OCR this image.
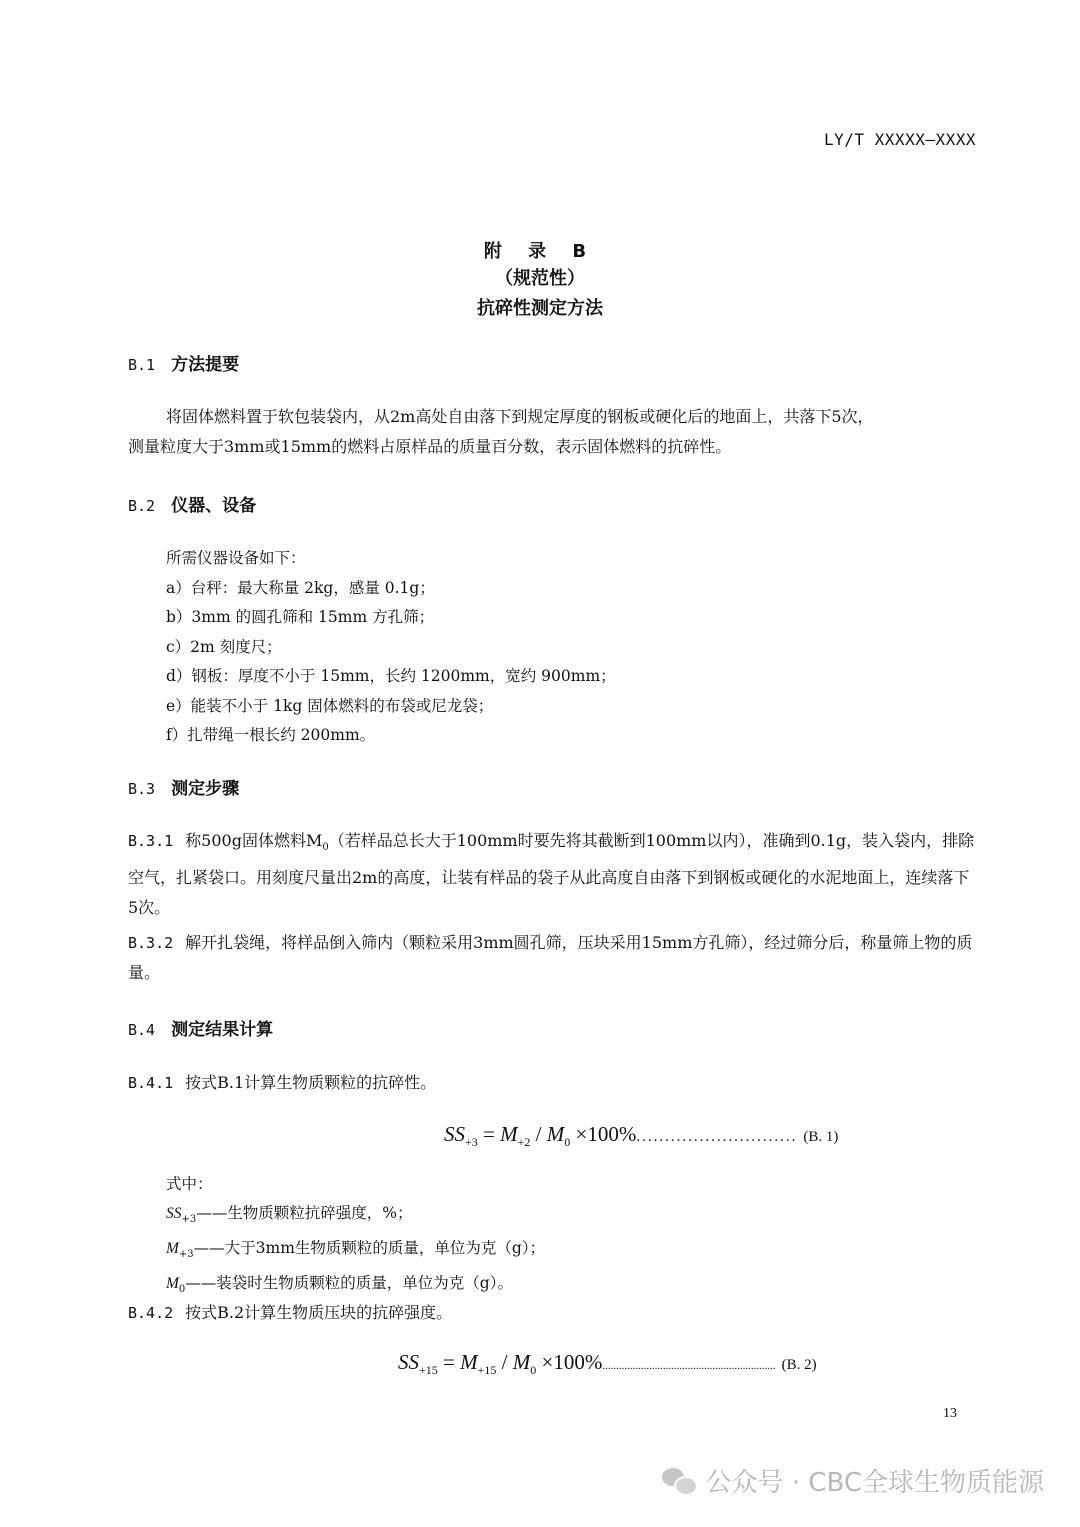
LY/T XXXXX—XXXX
附 录 B
（规范性）
抗碎性测定方法
B.1 方法提要
将固体燃料置于软包装袋内，从2m高处自由落下到规定厚度的钢板或硬化后的地面上，共落下5次，
测量粒度大于3mm或15mm的燃料占原样品的质量百分数，表示固体燃料的抗碎性。
B.2 仪器、设备
所需仪器设备如下：
a）台秤：最大称量 2kg，感量 0.1g；
b）3mm 的圆孔筛和 15mm 方孔筛；
c）2m 刻度尺；
d）钢板：厚度不小于 15mm，长约 1200mm，宽约 900mm；
e）能装不小于 1kg 固体燃料的布袋或尼龙袋；
f）扎带绳一根长约 200mm。
B.3 测定步骤
B.3.1 称500g固体燃料$M_0$（若样品总长大于100mm时要先将其截断到100mm以内），准确到0.1g，装入袋内，排除空气，扎紧袋口。用刻度尺量出2m的高度，让装有样品的袋子从此高度自由落下到钢板或硬化的水泥地面上，连续落下5次。
B.3.2 解开扎袋绳，将样品倒入筛内（颗粒采用3mm圆孔筛，压块采用15mm方孔筛），经过筛分后，称量筛上物的质量。
B.4 测定结果计算
B.4.1 按式B.1计算生物质颗粒的抗碎性。
$SS_{+3} = M_{+2} / M_0 \times 100\%$............................ (B. 1)
式中：
$SS_{+3}——$生物质颗粒抗碎强度，%；
$M_{+3}——$大于3mm生物质颗粒的质量，单位为克（g）；
$M_0——$装袋时生物质颗粒的质量，单位为克（g）。
B.4.2 按式B.2计算生物质压块的抗碎强度。
$SS_{+15} = M_{+15} / M_0 \times 100\%$............................................................... (B. 2)
13
公众号 · CBC全球生物质能源
